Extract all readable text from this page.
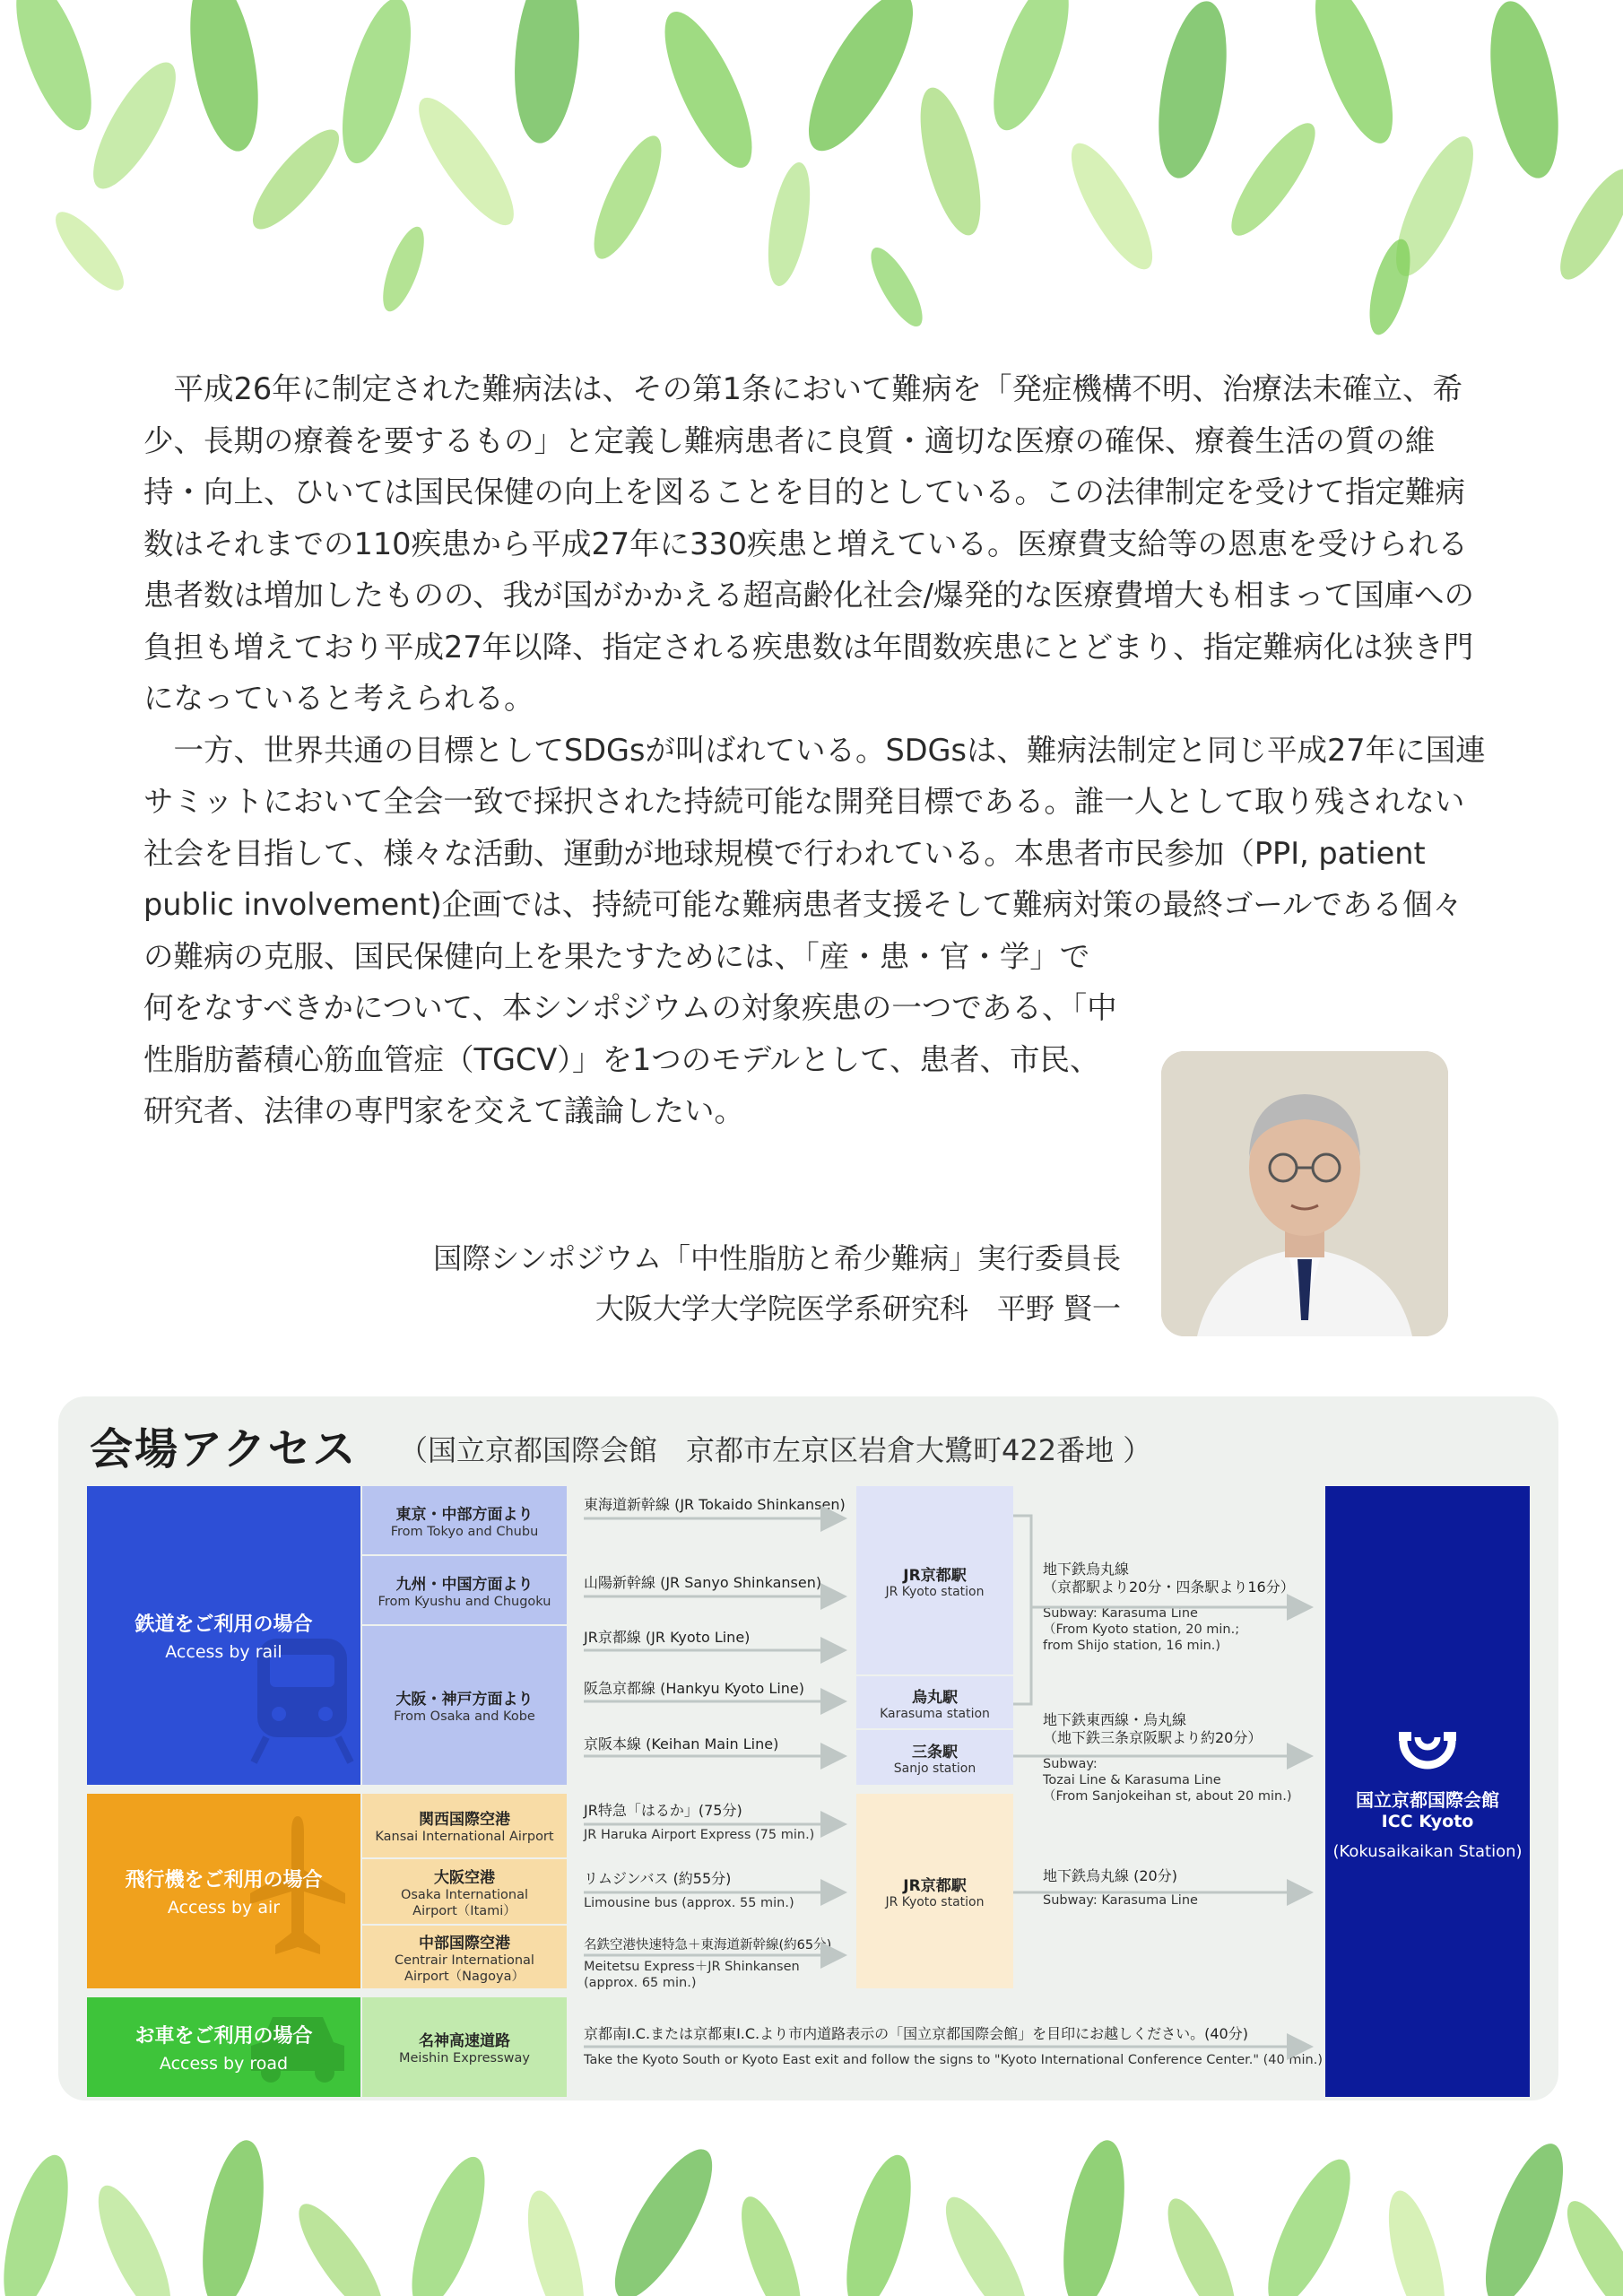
平成26年に制定された難病法は、その第1条において難病を「発症機構不明、治療法未確立、希少、長期の療養を要するもの」と定義し難病患者に良質・適切な医療の確保、療養生活の質の維持・向上、ひいては国民保健の向上を図ることを目的としている。この法律制定を受けて指定難病数はそれまでの110疾患から平成27年に330疾患と増えている。医療費支給等の恩恵を受けられる患者数は増加したものの、我が国がかかえる超高齢化社会/爆発的な医療費増大も相まって国庫への負担も増えており平成27年以降、指定される疾患数は年間数疾患にとどまり、指定難病化は狭き門になっていると考えられる。

一方、世界共通の目標としてSDGsが叫ばれている。SDGsは、難病法制定と同じ平成27年に国連サミットにおいて全会一致で採択された持続可能な開発目標である。誰一人として取り残されない社会を目指して、様々な活動、運動が地球規模で行われている。本患者市民参加（PPI, patient public involvement)企画では、持続可能な難病患者支援そして難病対策の最終ゴールである個々の難病の克服、国民保健向上を果たすためには、「産・患・官・学」で

何をなすべきかについて、本シンポジウムの対象疾患の一つである、「中性脂肪蓄積心筋血管症（TGCV）」を1つのモデルとして、患者、市民、研究者、法律の専門家を交えて議論したい。

国際シンポジウム「中性脂肪と希少難病」実行委員長
大阪大学大学院医学系研究科　平野 賢一
会場アクセス （国立京都国際会館　京都市左京区岩倉大鷺町422番地 ）
鉄道をご利用の場合
Access by rail
東京・中部方面より
From Tokyo and Chubu
九州・中国方面より
From Kyushu and Chugoku
大阪・神戸方面より
From Osaka and Kobe
東海道新幹線 (JR Tokaido Shinkansen)
山陽新幹線 (JR Sanyo Shinkansen)
JR京都線 (JR Kyoto Line)
阪急京都線 (Hankyu Kyoto Line)
京阪本線 (Keihan Main Line)
JR京都駅
JR Kyoto station
烏丸駅
Karasuma station
三条駅
Sanjo station
地下鉄烏丸線
（京都駅より20分・四条駅より16分）
Subway: Karasuma Line
（From Kyoto station, 20 min.;
from Shijo station, 16 min.)
地下鉄東西線・烏丸線
（地下鉄三条京阪駅より約20分）
Subway:
Tozai Line & Karasuma Line
（From Sanjokeihan st, about 20 min.)
飛行機をご利用の場合
Access by air
関西国際空港
Kansai International Airport
大阪空港
Osaka International
Airport（Itami）
中部国際空港
Centrair International
Airport（Nagoya）
JR特急「はるか」(75分)
JR Haruka Airport Express (75 min.)
リムジンバス (約55分)
Limousine bus (approx. 55 min.)
名鉄空港快速特急＋東海道新幹線(約65分)
Meitetsu Express＋JR Shinkansen
(approx. 65 min.)
JR京都駅
JR Kyoto station
地下鉄烏丸線 (20分)
Subway: Karasuma Line
お車をご利用の場合
Access by road
名神高速道路
Meishin Expressway
京都南I.C.または京都東I.C.より市内道路表示の「国立京都国際会館」を目印にお越しください。(40分)
Take the Kyoto South or Kyoto East exit and follow the signs to "Kyoto International Conference Center." (40 min.)
国立京都国際会館
ICC Kyoto
(Kokusaikaikan Station)
